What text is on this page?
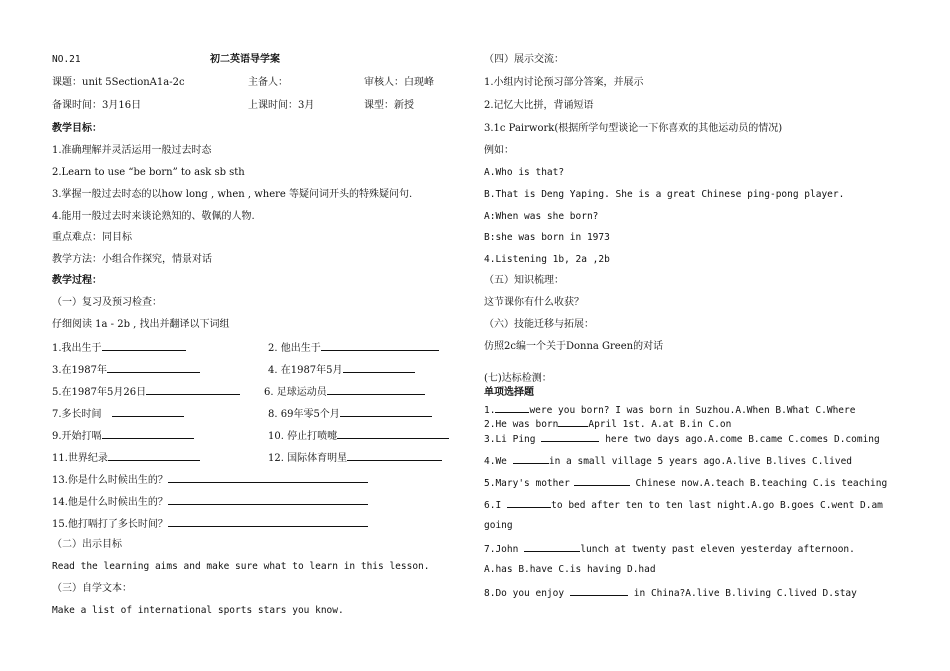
NO.21	初二英语导学案
课题：unit 5SectionA1a-2c	主备人：	审核人：白现峰
备课时间：3月16日	上课时间：3月	课型：新授
教学目标：
1.准确理解并灵活运用一般过去时态
2.Learn to use “be born” to ask sb sth
3.掌握一般过去时态的以how long , when , where 等疑问词开头的特殊疑问句.
4.能用一般过去时来谈论熟知的、敬佩的人物.
重点难点：同目标
教学方法：小组合作探究，情景对话
教学过程：
（一）复习及预习检查：
仔细阅读 1a - 2b , 找出并翻译以下词组
1.我出生于	2. 他出生于
3.在1987年	4. 在1987年5月
5.在1987年5月26日	6. 足球运动员
7.多长时间	8. 69年零5个月
9.开始打嗝	10. 停止打喷嚏
11.世界纪录	12. 国际体育明星
13.你是什么时候出生的？
14.他是什么时候出生的？
15.他打嗝打了多长时间？
（二）出示目标
Read the learning aims and make sure what to learn in this lesson.
（三）自学文本：
Make a list of international sports stars you know.
（四）展示交流：
1.小组内讨论预习部分答案，并展示
2.记忆大比拼，背诵短语
3.1c Pairwork(根据所学句型谈论一下你喜欢的其他运动员的情况)
例如：
A.Who is that?
B.That is Deng Yaping. She is a great Chinese ping-pong player.
A:When was she born?
B:she was born in 1973
4.Listening 1b, 2a ,2b
（五）知识梳理：
这节课你有什么收获？
（六）技能迁移与拓展：
仿照2c编一个关于Donna Green的对话
(七)达标检测：
单项选择题
1.	were you born? I was born in Suzhou.A.When B.What C.Where
2.He was born	April 1st. A.at B.in C.on
3.Li Ping	here two days ago.A.come B.came C.comes D.coming
4.We	in a small village 5 years ago.A.live B.lives C.lived
5.Mary's mother	Chinese now.A.teach B.teaching C.is teaching
6.I	to bed after ten to ten last night.A.go B.goes C.went D.am
going
7.John	lunch at twenty past eleven yesterday afternoon.
A.has B.have C.is having D.had
8.Do you enjoy	in China?A.live B.living C.lived D.stay
